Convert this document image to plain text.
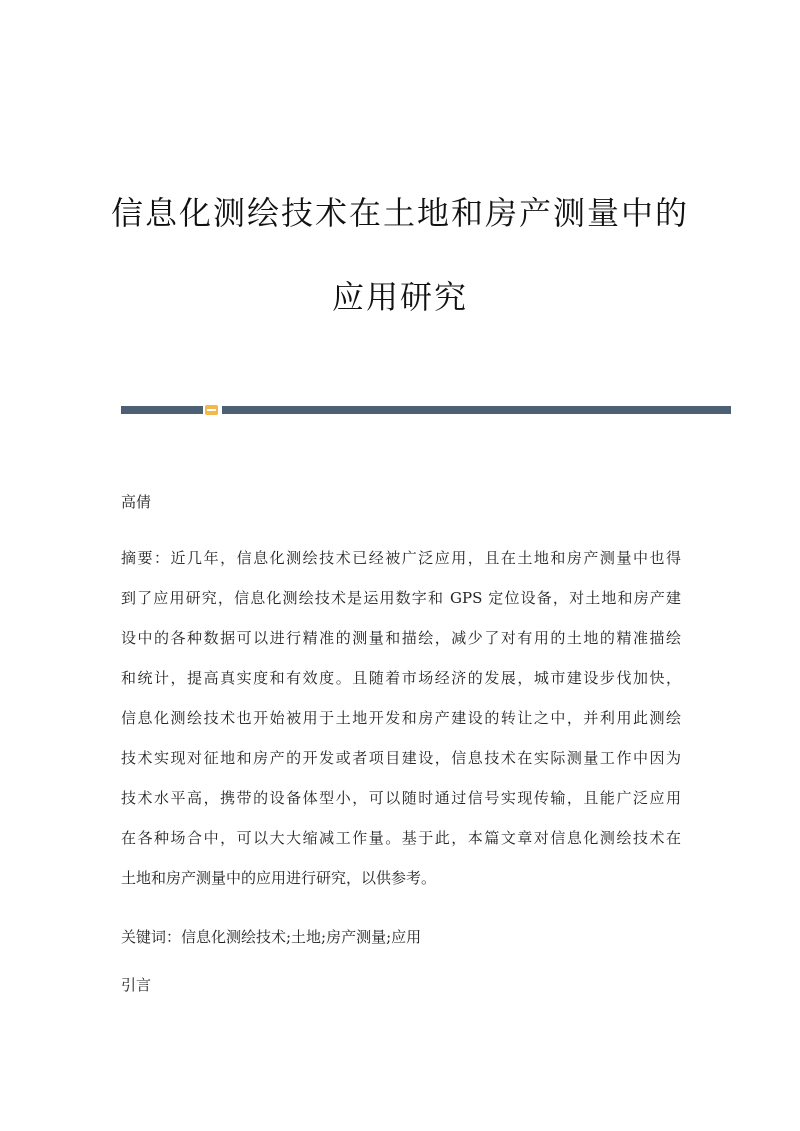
信息化测绘技术在土地和房产测量中的
应用研究
高倩
摘要：近几年，信息化测绘技术已经被广泛应用，且在土地和房产测量中也得
到了应用研究，信息化测绘技术是运用数字和 GPS 定位设备，对土地和房产建
设中的各种数据可以进行精准的测量和描绘，减少了对有用的土地的精准描绘
和统计，提高真实度和有效度。且随着市场经济的发展，城市建设步伐加快，
信息化测绘技术也开始被用于土地开发和房产建设的转让之中，并利用此测绘
技术实现对征地和房产的开发或者项目建设，信息技术在实际测量工作中因为
技术水平高，携带的设备体型小，可以随时通过信号实现传输，且能广泛应用
在各种场合中，可以大大缩减工作量。基于此，本篇文章对信息化测绘技术在
土地和房产测量中的应用进行研究，以供参考。
关键词：信息化测绘技术;土地;房产测量;应用
引言
